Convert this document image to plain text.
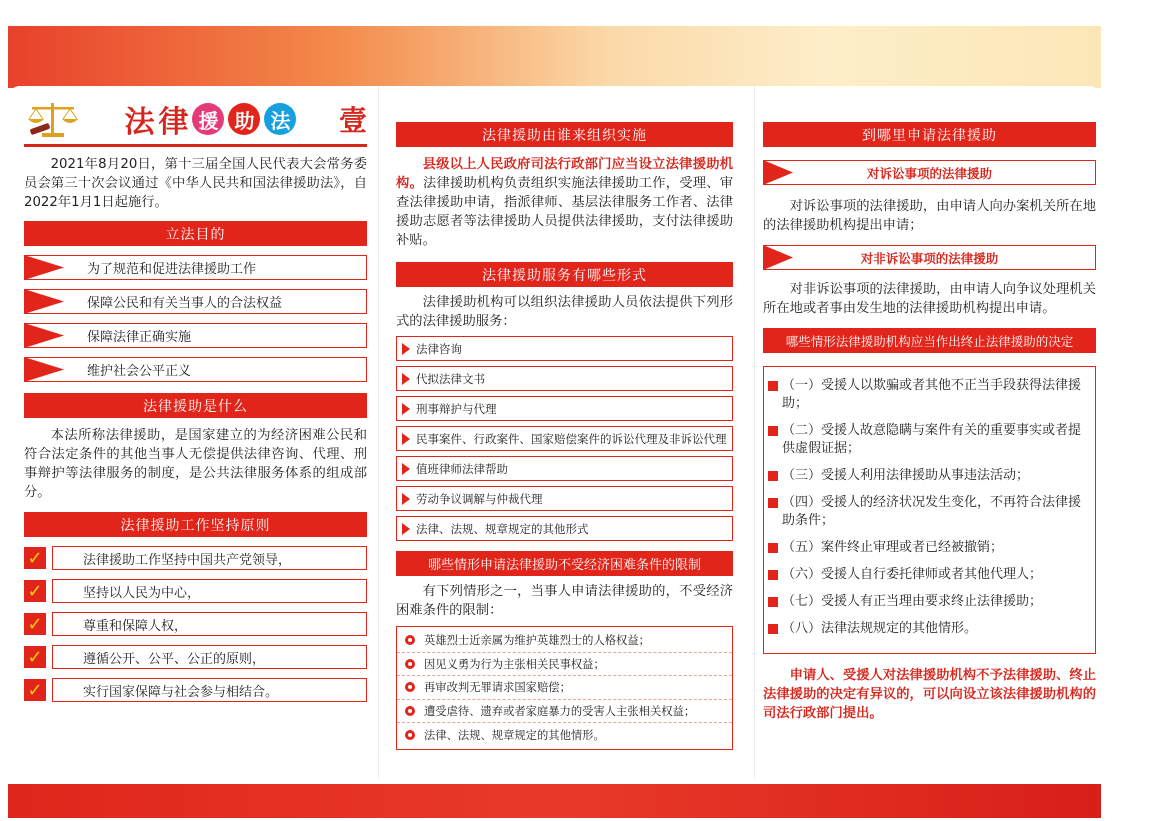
法 律 援 助 法 壹

2021年8月20日，第十三届全国人民代表大会常务委员会第三十次会议通过《中华人民共和国法律援助法》，自2022年1月1日起施行。

立法目的
为了规范和促进法律援助工作
保障公民和有关当事人的合法权益
保障法律正确实施
维护社会公平正义
法律援助是什么

本法所称法律援助，是国家建立的为经济困难公民和符合法定条件的其他当事人无偿提供法律咨询、代理、刑事辩护等法律服务的制度，是公共法律服务体系的组成部分。

法律援助工作坚持原则
✓	法律援助工作坚持中国共产党领导，
✓	坚持以人民为中心，
✓	尊重和保障人权，
✓	遵循公开、公平、公正的原则，
✓	实行国家保障与社会参与相结合。
法律援助由谁来组织实施

县级以上人民政府司法行政部门应当设立法律援助机构。法律援助机构负责组织实施法律援助工作，受理、审查法律援助申请，指派律师、基层法律服务工作者、法律援助志愿者等法律援助人员提供法律援助，支付法律援助补贴。

法律援助服务有哪些形式

法律援助机构可以组织法律援助人员依法提供下列形式的法律援助服务：

法律咨询
代拟法律文书
刑事辩护与代理
民事案件、行政案件、国家赔偿案件的诉讼代理及非诉讼代理
值班律师法律帮助
劳动争议调解与仲裁代理
法律、法规、规章规定的其他形式
哪些情形申请法律援助不受经济困难条件的限制

有下列情形之一，当事人申请法律援助的，不受经济困难条件的限制：

英雄烈士近亲属为维护英雄烈士的人格权益；
因见义勇为行为主张相关民事权益；
再审改判无罪请求国家赔偿；
遭受虐待、遗弃或者家庭暴力的受害人主张相关权益；
法律、法规、规章规定的其他情形。
到哪里申请法律援助
对诉讼事项的法律援助

对诉讼事项的法律援助，由申请人向办案机关所在地的法律援助机构提出申请；

对非诉讼事项的法律援助

对非诉讼事项的法律援助，由申请人向争议处理机关所在地或者事由发生地的法律援助机构提出申请。

哪些情形法律援助机构应当作出终止法律援助的决定
（一）受援人以欺骗或者其他不正当手段获得法律援助；
（二）受援人故意隐瞒与案件有关的重要事实或者提供虚假证据；
（三）受援人利用法律援助从事违法活动；
（四）受援人的经济状况发生变化，不再符合法律援助条件；
（五）案件终止审理或者已经被撤销；
（六）受援人自行委托律师或者其他代理人；
（七）受援人有正当理由要求终止法律援助；
（八）法律法规规定的其他情形。

申请人、受援人对法律援助机构不予法律援助、终止法律援助的决定有异议的，可以向设立该法律援助机构的司法行政部门提出。
